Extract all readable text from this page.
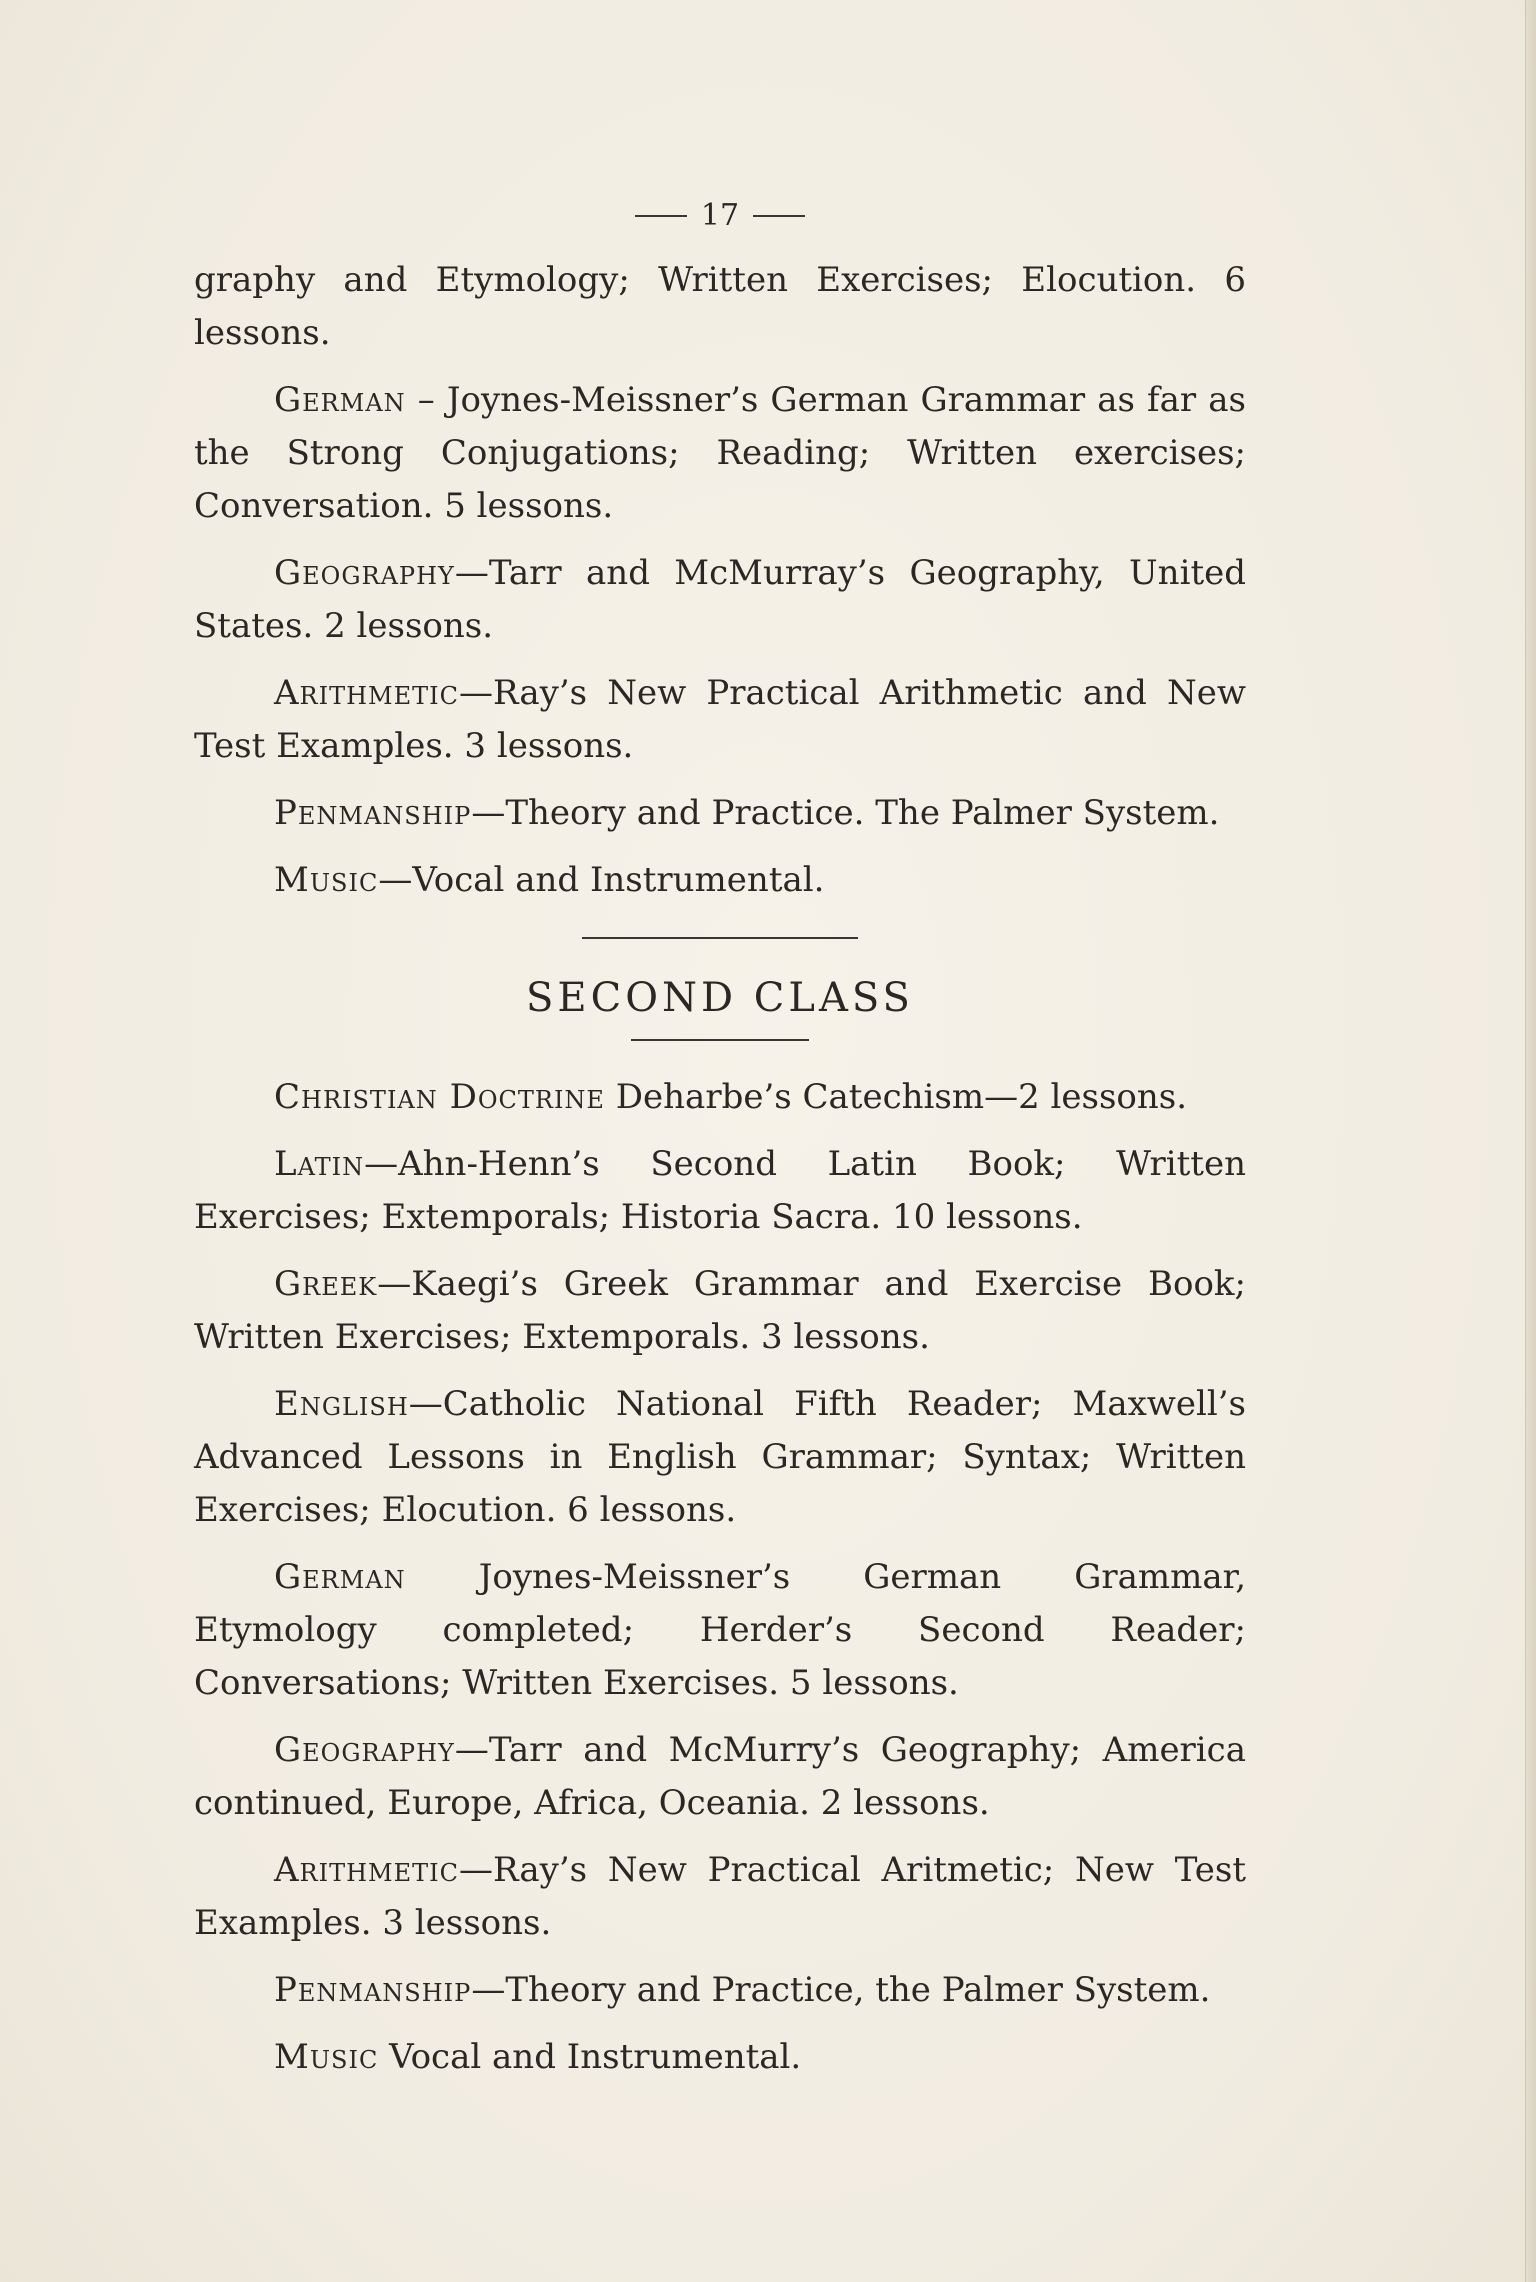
17

graphy and Etymology; Written Exercises; Elocution. 6 lessons.

German – Joynes-Meissner’s German Grammar as far as the Strong Conjugations; Reading; Written exercises; Conversation. 5 lessons.

Geography—Tarr and McMurray’s Geography, United States. 2 lessons.

Arithmetic—Ray’s New Practical Arithmetic and New Test Examples. 3 lessons.

Penmanship—Theory and Practice. The Palmer System.

Music—Vocal and Instrumental.

SECOND CLASS

Christian Doctrine Deharbe’s Catechism—2 lessons.

Latin—Ahn-Henn’s Second Latin Book; Written Exercises; Extemporals; Historia Sacra. 10 lessons.

Greek—Kaegi’s Greek Grammar and Exercise Book; Written Exercises; Extemporals. 3 lessons.

English—Catholic National Fifth Reader; Maxwell’s Advanced Lessons in English Grammar; Syntax; Written Exercises; Elocution. 6 lessons.

German Joynes-Meissner’s German Grammar, Etymology completed; Herder’s Second Reader; Conversations; Written Exercises. 5 lessons.

Geography—Tarr and McMurry’s Geography; America continued, Europe, Africa, Oceania. 2 lessons.

Arithmetic—Ray’s New Practical Aritmetic; New Test Examples. 3 lessons.

Penmanship—Theory and Practice, the Palmer System.

Music Vocal and Instrumental.
